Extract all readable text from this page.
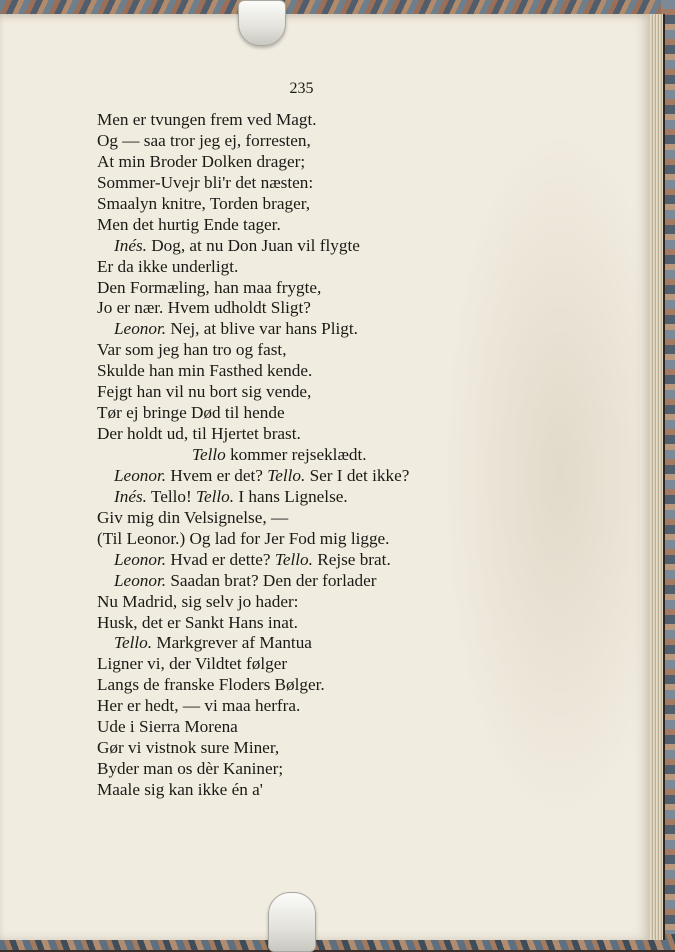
235
Men er tvungen frem ved Magt.
Og — saa tror jeg ej, forresten,
At min Broder Dolken drager;
Sommer-Uvejr bli'r det næsten:
Smaalyn knitre, Torden brager,
Men det hurtig Ende tager.
Inés. Dog, at nu Don Juan vil flygte
Er da ikke underligt.
Den Formæling, han maa frygte,
Jo er nær. Hvem udholdt Sligt?
Leonor. Nej, at blive var hans Pligt.
Var som jeg han tro og fast,
Skulde han min Fasthed kende.
Fejgt han vil nu bort sig vende,
Tør ej bringe Død til hende
Der holdt ud, til Hjertet brast.
Tello kommer rejseklædt.
Leonor. Hvem er det? Tello. Ser I det ikke?
Inés. Tello! Tello. I hans Lignelse.
Giv mig din Velsignelse, —
(Til Leonor.) Og lad for Jer Fod mig ligge.
Leonor. Hvad er dette? Tello. Rejse brat.
Leonor. Saadan brat? Den der forlader
Nu Madrid, sig selv jo hader:
Husk, det er Sankt Hans inat.
Tello. Markgrever af Mantua
Ligner vi, der Vildtet følger
Langs de franske Floders Bølger.
Her er hedt, — vi maa herfra.
Ude i Sierra Morena
Gør vi vistnok sure Miner,
Byder man os dèr Kaniner;
Maale sig kan ikke én a'
